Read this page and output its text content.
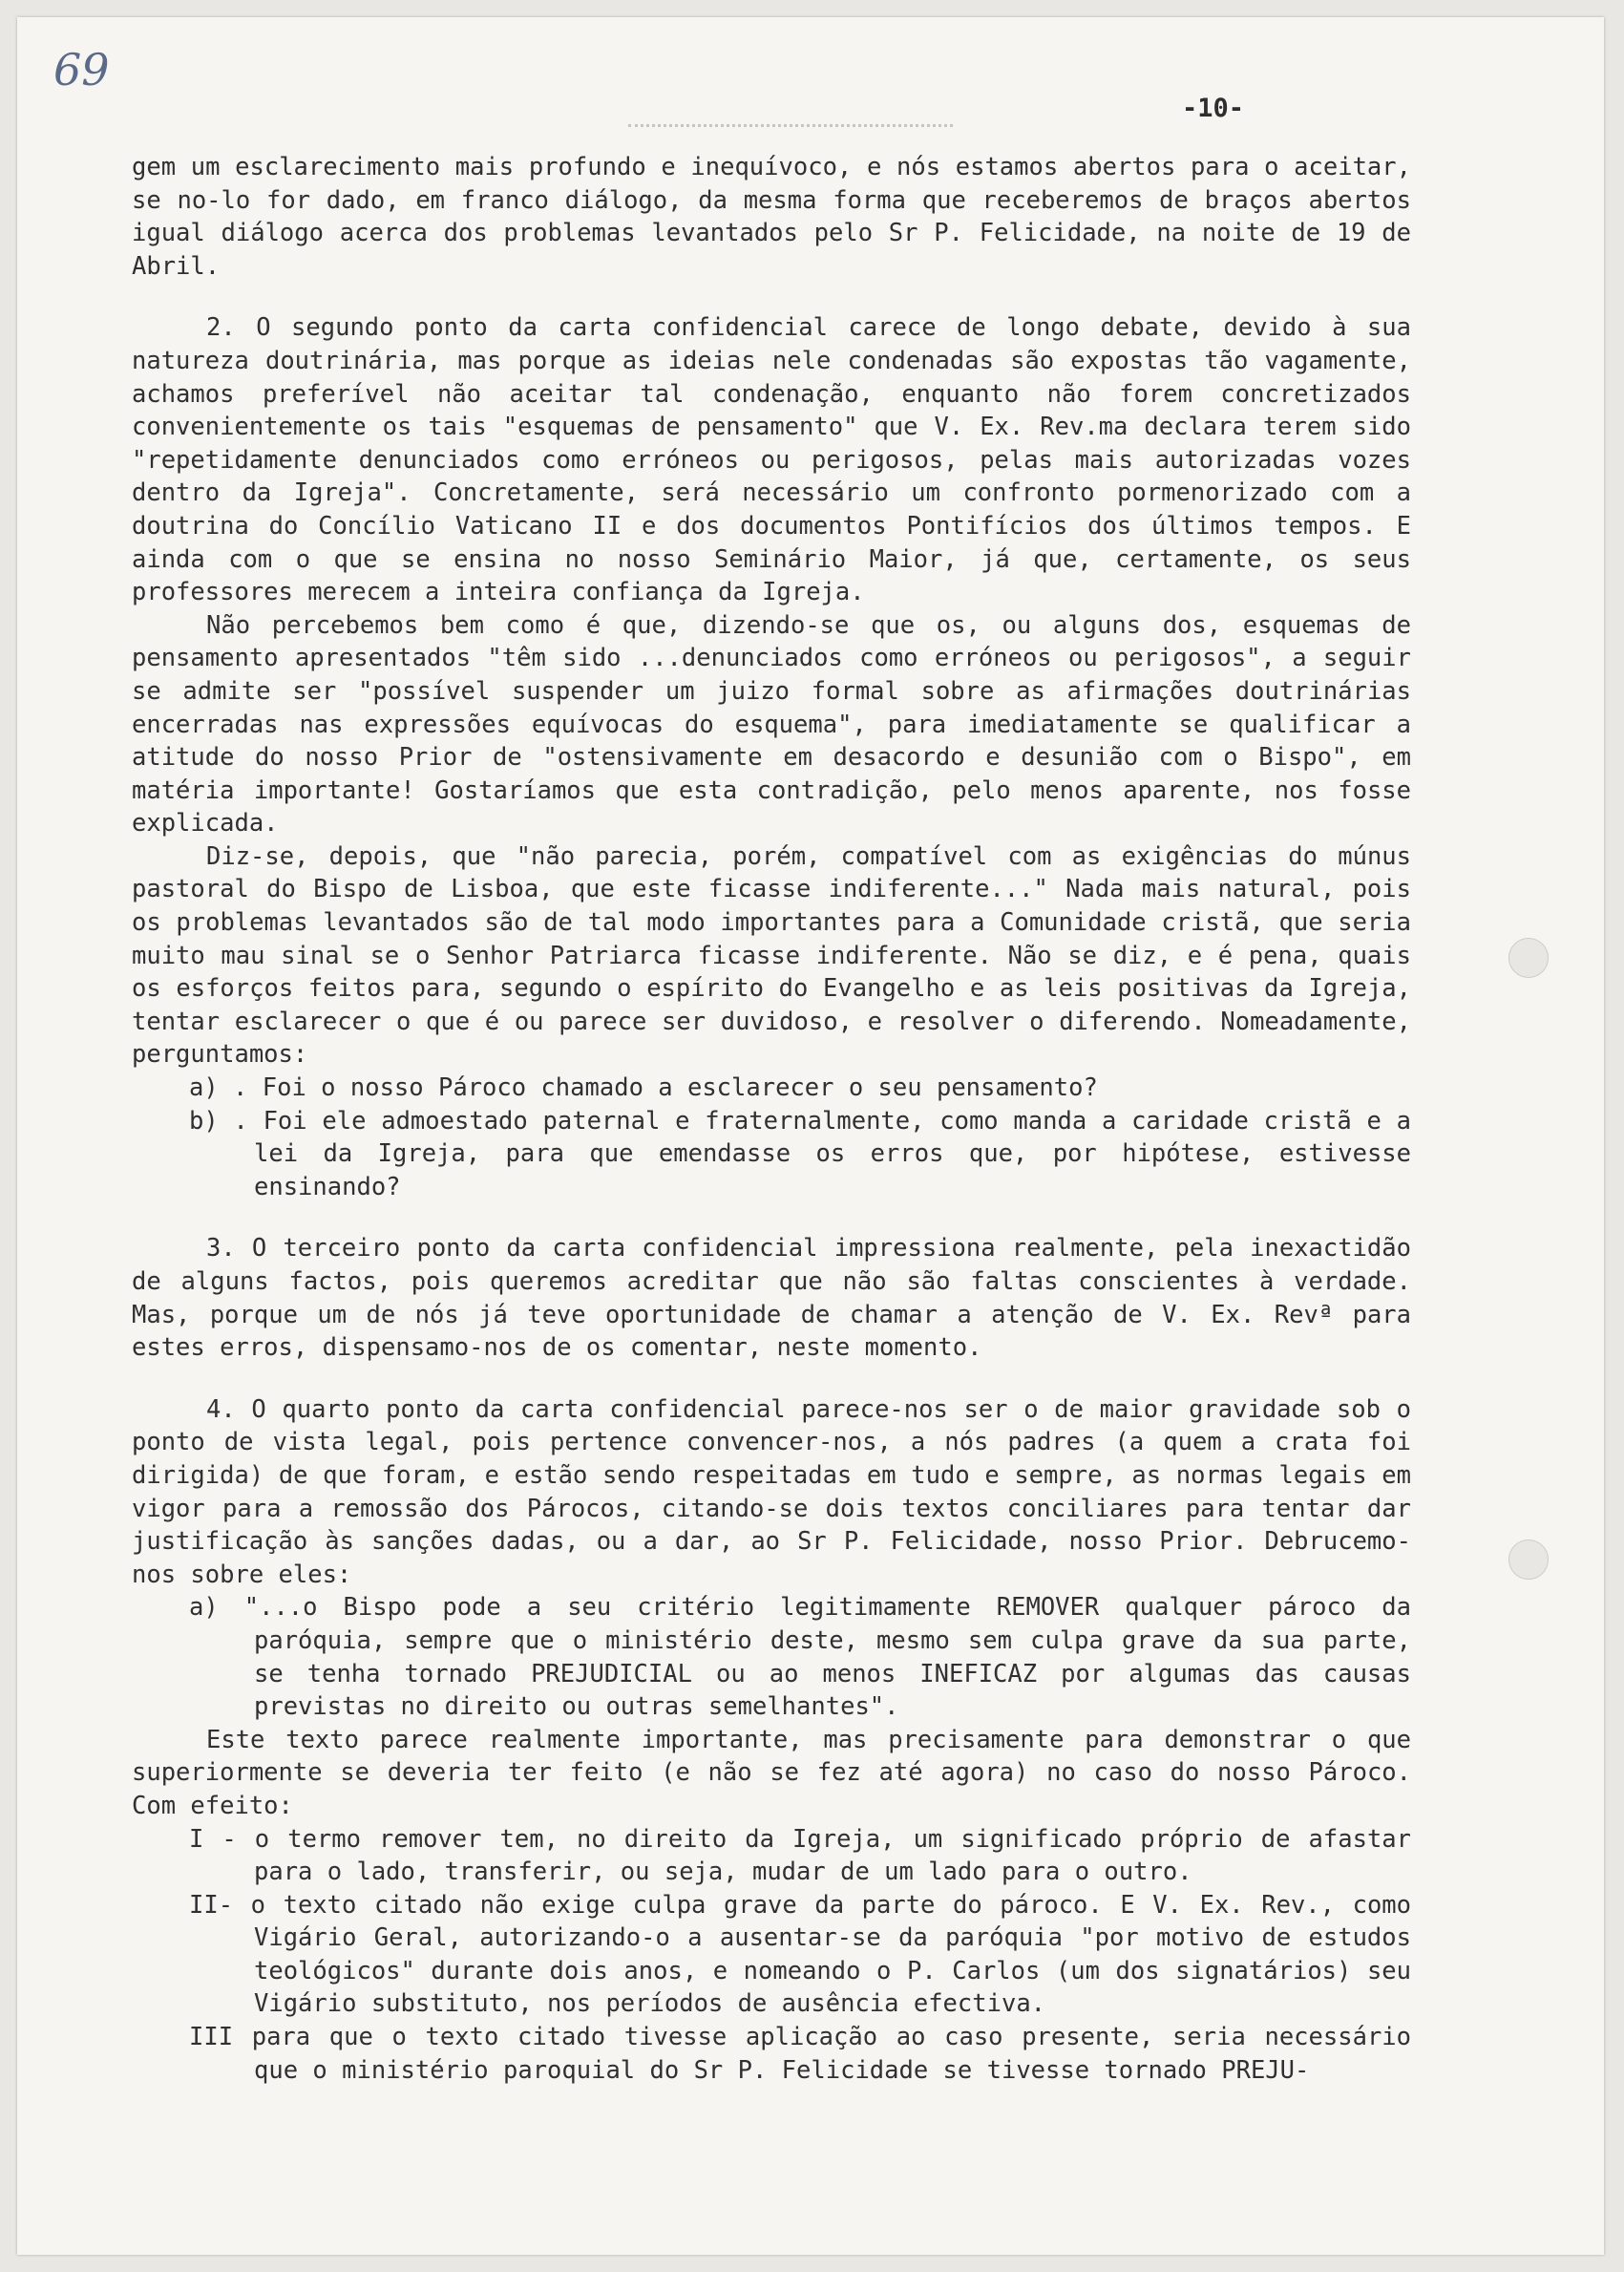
69
-10-

gem um esclarecimento mais profundo e inequívoco, e nós estamos abertos para o aceitar, se no-lo for dado, em franco diálogo, da mesma forma que receberemos de braços abertos igual diálogo acerca dos problemas levantados pelo Sr P. Felicidade, na noite de 19 de Abril.

2. O segundo ponto da carta confidencial carece de longo debate, devido à sua natureza doutrinária, mas porque as ideias nele condenadas são expostas tão vagamente, achamos preferível não aceitar tal condenação, enquanto não forem concretizados convenientemente os tais "esquemas de pensamento" que V. Ex. Rev.ma declara terem sido "repetidamente denunciados como erróneos ou perigosos, pelas mais autorizadas vozes dentro da Igreja". Concretamente, será necessário um confronto pormenorizado com a doutrina do Concílio Vaticano II e dos documentos Pontifícios dos últimos tempos. E ainda com o que se ensina no nosso Seminário Maior, já que, certamente, os seus professores merecem a inteira confiança da Igreja.

Não percebemos bem como é que, dizendo-se que os, ou alguns dos, esquemas de pensamento apresentados "têm sido ...denunciados como erróneos ou perigosos", a seguir se admite ser "possível suspender um juizo formal sobre as afirmações doutrinárias encerradas nas expressões equívocas do esquema", para imediatamente se qualificar a atitude do nosso Prior de "ostensivamente em desacordo e desunião com o Bispo", em matéria importante! Gostaríamos que esta contradição, pelo menos aparente, nos fosse explicada.

Diz-se, depois, que "não parecia, porém, compatível com as exigências do múnus pastoral do Bispo de Lisboa, que este ficasse indiferente..." Nada mais natural, pois os problemas levantados são de tal modo importantes para a Comunidade cristã, que seria muito mau sinal se o Senhor Patriarca ficasse indiferente. Não se diz, e é pena, quais os esforços feitos para, segundo o espírito do Evangelho e as leis positivas da Igreja, tentar esclarecer o que é ou parece ser duvidoso, e resolver o diferendo. Nomeadamente, perguntamos:

a) . Foi o nosso Pároco chamado a esclarecer o seu pensamento?

b) . Foi ele admoestado paternal e fraternalmente, como manda a caridade cristã e a lei da Igreja, para que emendasse os erros que, por hipótese, estivesse ensinando?

3. O terceiro ponto da carta confidencial impressiona realmente, pela inexactidão de alguns factos, pois queremos acreditar que não são faltas conscientes à verdade. Mas, porque um de nós já teve oportunidade de chamar a atenção de V. Ex. Revª para estes erros, dispensamo-nos de os comentar, neste momento.

4. O quarto ponto da carta confidencial parece-nos ser o de maior gravidade sob o ponto de vista legal, pois pertence convencer-nos, a nós padres (a quem a crata foi dirigida) de que foram, e estão sendo respeitadas em tudo e sempre, as normas legais em vigor para a remossão dos Párocos, citando-se dois textos conciliares para tentar dar justificação às sanções dadas, ou a dar, ao Sr P. Felicidade, nosso Prior. Debrucemo-nos sobre eles:

a) "...o Bispo pode a seu critério legitimamente REMOVER qualquer pároco da paróquia, sempre que o ministério deste, mesmo sem culpa grave da sua parte, se tenha tornado PREJUDICIAL ou ao menos INEFICAZ por algumas das causas previstas no direito ou outras semelhantes".

Este texto parece realmente importante, mas precisamente para demonstrar o que superiormente se deveria ter feito (e não se fez até agora) no caso do nosso Pároco. Com efeito:

I - o termo remover tem, no direito da Igreja, um significado próprio de afastar para o lado, transferir, ou seja, mudar de um lado para o outro.

II- o texto citado não exige culpa grave da parte do pároco. E V. Ex. Rev., como Vigário Geral, autorizando-o a ausentar-se da paróquia "por motivo de estudos teológicos" durante dois anos, e nomeando o P. Carlos (um dos signatários) seu Vigário substituto, nos períodos de ausência efectiva.

III para que o texto citado tivesse aplicação ao caso presente, seria necessário que o ministério paroquial do Sr P. Felicidade se tivesse tornado PREJU-
